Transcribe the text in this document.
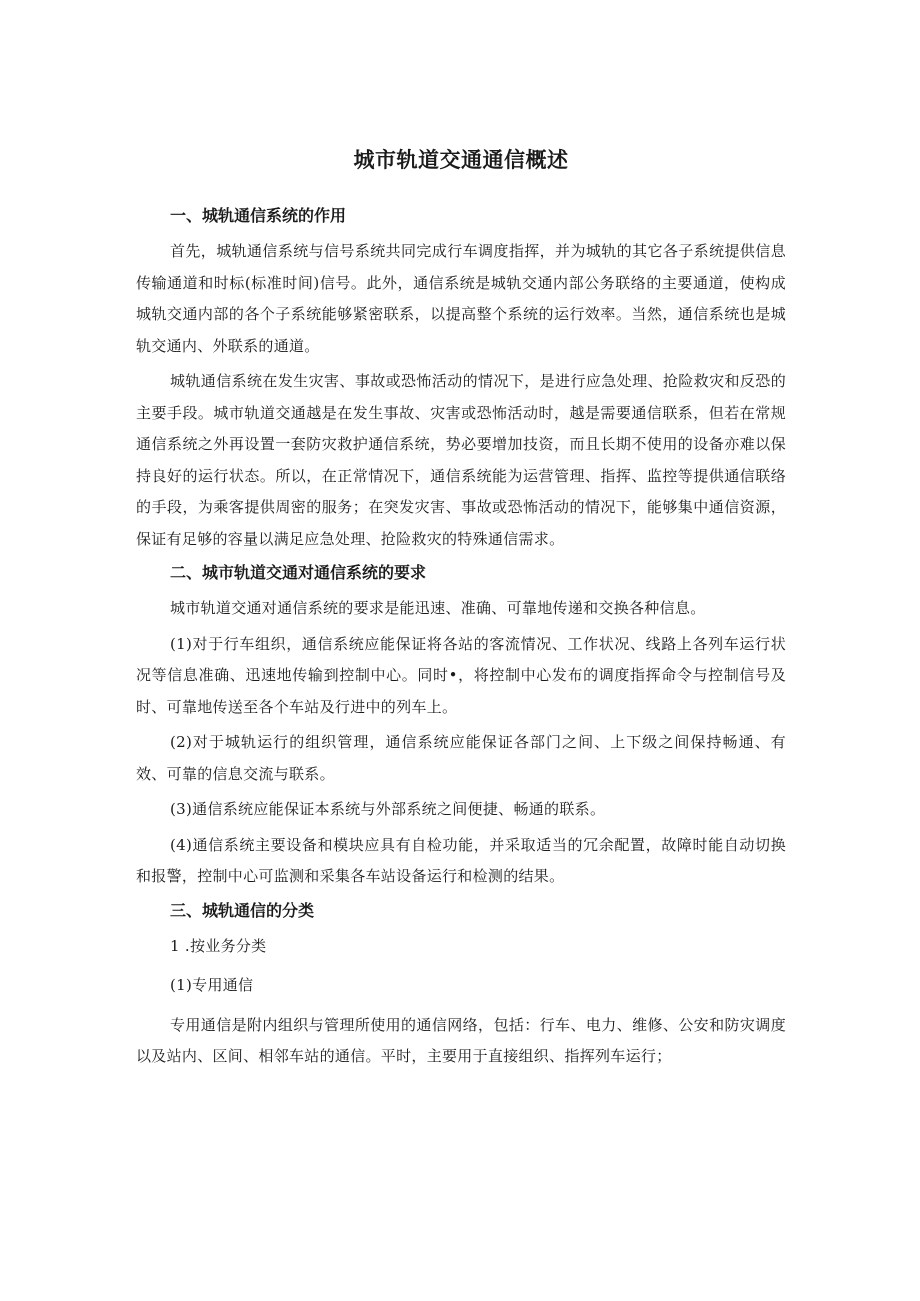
城市轨道交通通信概述
一、城轨通信系统的作用

首先，城轨通信系统与信号系统共同完成行车调度指挥，并为城轨的其它各子系统提供信息传输通道和时标(标准时间)信号。此外，通信系统是城轨交通内部公务联络的主要通道，使构成城轨交通内部的各个子系统能够紧密联系，以提高整个系统的运行效率。当然，通信系统也是城轨交通内、外联系的通道。

城轨通信系统在发生灾害、事故或恐怖活动的情况下，是进行应急处理、抢险救灾和反恐的主要手段。城市轨道交通越是在发生事故、灾害或恐怖活动时，越是需要通信联系，但若在常规通信系统之外再设置一套防灾救护通信系统，势必要增加技资，而且长期不使用的设备亦难以保持良好的运行状态。所以，在正常情况下，通信系统能为运营管理、指挥、监控等提供通信联络的手段，为乘客提供周密的服务；在突发灾害、事故或恐怖活动的情况下，能够集中通信资源，保证有足够的容量以满足应急处理、抢险救灾的特殊通信需求。

二、城市轨道交通对通信系统的要求

城市轨道交通对通信系统的要求是能迅速、准确、可靠地传递和交换各种信息。

(1)对于行车组织，通信系统应能保证将各站的客流情况、工作状况、线路上各列车运行状况等信息准确、迅速地传输到控制中心。同时•，将控制中心发布的调度指挥命令与控制信号及时、可靠地传送至各个车站及行进中的列车上。

(2)对于城轨运行的组织管理，通信系统应能保证各部门之间、上下级之间保持畅通、有效、可靠的信息交流与联系。

(3)通信系统应能保证本系统与外部系统之间便捷、畅通的联系。

(4)通信系统主要设备和模块应具有自检功能，并采取适当的冗余配置，故障时能自动切换和报警，控制中心可监测和采集各车站设备运行和检测的结果。

三、城轨通信的分类
1 .按业务分类
(1)专用通信

专用通信是附内组织与管理所使用的通信网络，包括：行车、电力、维修、公安和防灾调度以及站内、区间、相邻车站的通信。平时，主要用于直接组织、指挥列车运行；
